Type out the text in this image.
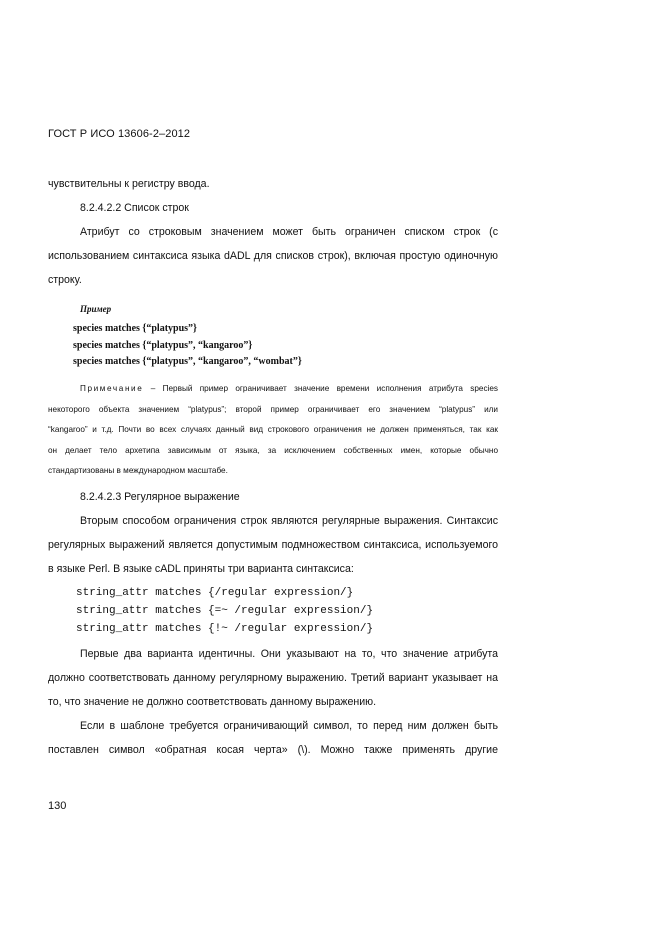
ГОСТ Р ИСО 13606-2–2012
чувствительны к регистру ввода.
8.2.4.2.2 Список строк
Атрибут со строковым значением может быть ограничен списком строк (с
использованием синтаксиса языка dADL для списков строк), включая простую одиночную
строку.
Пример
species matches {“platypus”}
species matches {“platypus”, “kangaroo”}
species matches {“platypus”, “kangaroo”, “wombat”}
Примечание – Первый пример ограничивает значение времени исполнения атрибута species
некоторого объекта значением “platypus”; второй пример ограничивает его значением “platypus” или
“kangaroo” и т.д. Почти во всех случаях данный вид строкового ограничения не должен применяться, так как
он делает тело архетипа зависимым от языка, за исключением собственных имен, которые обычно
стандартизованы в международном масштабе.
8.2.4.2.3 Регулярное выражение
Вторым способом ограничения строк являются регулярные выражения. Синтаксис
регулярных выражений является допустимым подмножеством синтаксиса, используемого
в языке Perl. В языке cADL приняты три варианта синтаксиса:
string_attr matches {/regular expression/}
string_attr matches {=~ /regular expression/}
string_attr matches {!~ /regular expression/}
Первые два варианта идентичны. Они указывают на то, что значение атрибута
должно соответствовать данному регулярному выражению. Третий вариант указывает на
то, что значение не должно соответствовать данному выражению.
Если в шаблоне требуется ограничивающий символ, то перед ним должен быть
поставлен символ «обратная косая черта» (\). Можно также применять другие
130
